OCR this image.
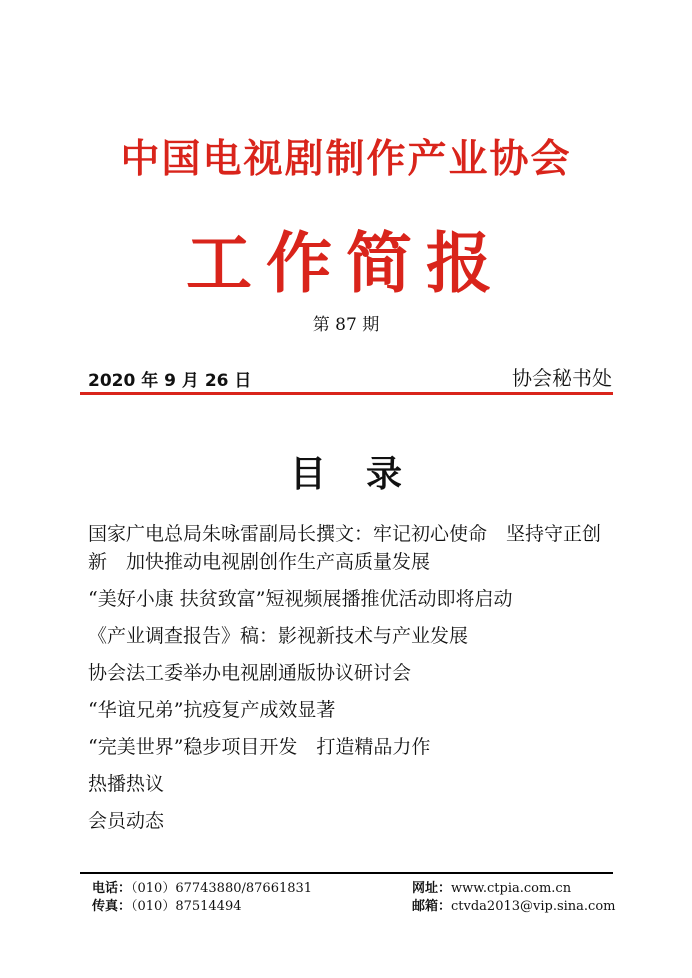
中国电视剧制作产业协会
工作简报
第 87 期
2020 年 9 月 26 日	协会秘书处
目录
国家广电总局朱咏雷副局长撰文：牢记初心使命　坚持守正创新　加快推动电视剧创作生产高质量发展
“美好小康 扶贫致富”短视频展播推优活动即将启动
《产业调查报告》稿：影视新技术与产业发展
协会法工委举办电视剧通版协议研讨会
“华谊兄弟”抗疫复产成效显著
“完美世界”稳步项目开发　打造精品力作
热播热议
会员动态
电话：（010）67743880/87661831
传真：（010）87514494
网址：www.ctpia.com.cn
邮箱：ctvda2013@vip.sina.com
